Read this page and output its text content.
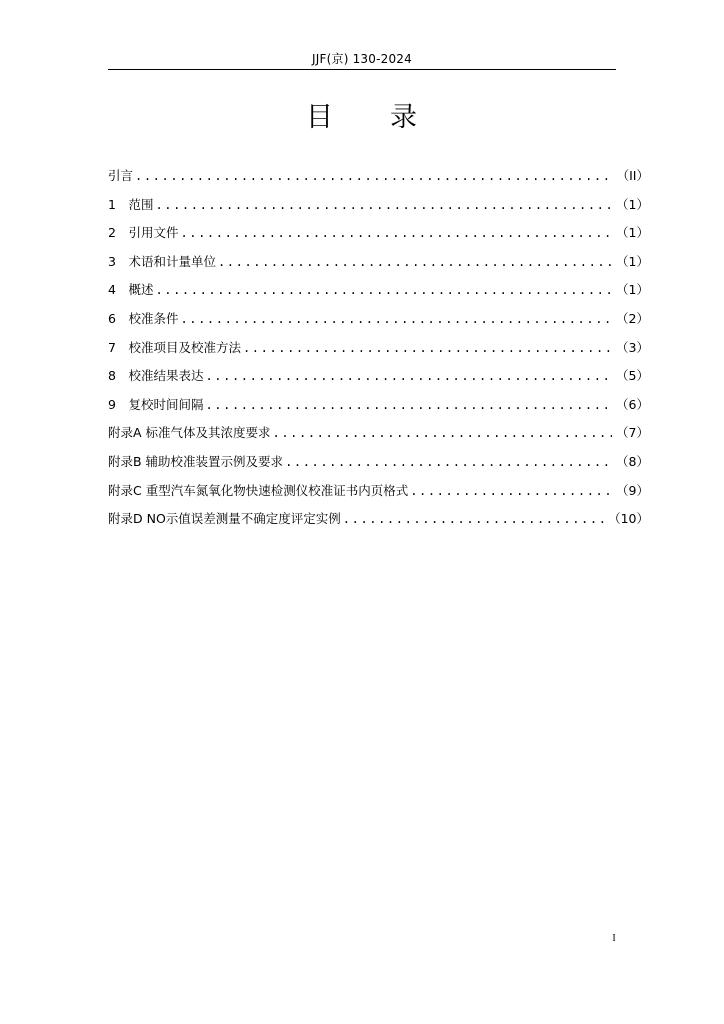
JJF(京) 130-2024
目　　录
引言 .....	（II）
1　范围 .....	（1）
2　引用文件 .....	（1）
3　术语和计量单位 .....	（1）
4　概述 .....	（1）
6　校准条件 .....	（2）
7　校准项目及校准方法 .....	（3）
8　校准结果表达 .....	（5）
9　复校时间间隔 .....	（6）
附录A 标准气体及其浓度要求 .....	（7）
附录B 辅助校准装置示例及要求 .....	（8）
附录C 重型汽车氮氧化物快速检测仪校准证书内页格式 .....	（9）
附录D NO示值误差测量不确定度评定实例 .....	（10）
I
